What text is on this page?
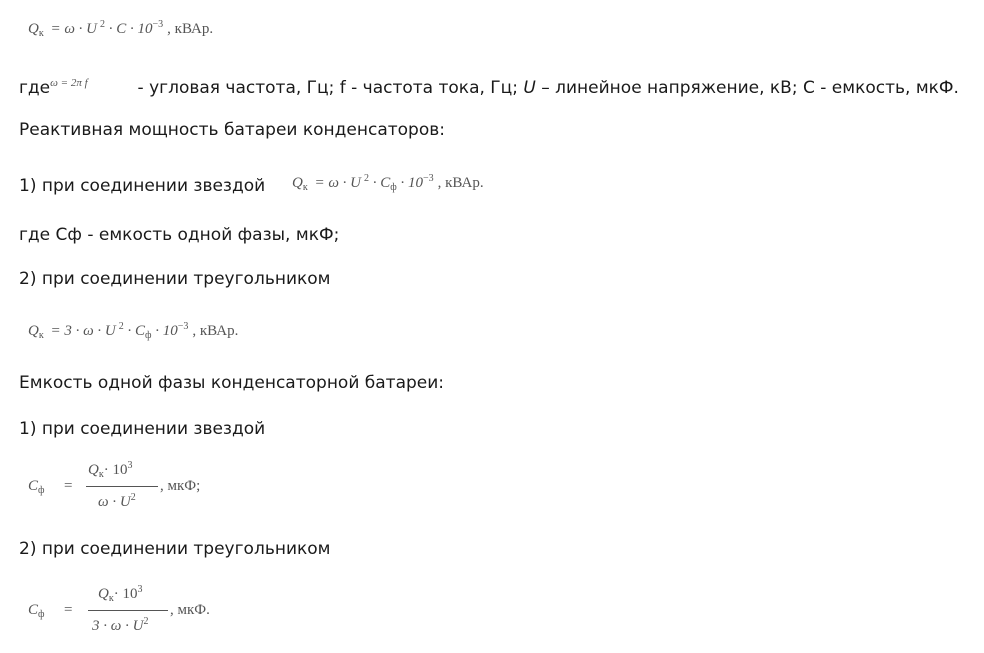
$Q_к = \omega \cdot U$ $^2 \cdot C \cdot 10^{-3}$ , кВАр.
гдеω = 2π f	- угловая частота, Гц; f - частота тока, Гц; U – линейное напряжение, кВ; C - емкость, мкФ.
Реактивная мощность батареи конденсаторов:
1) при соединении звездой $Q_к = \omega \cdot U$ $^2 \cdot C_ф \cdot 10^{-3}$ , кВАр.
где Cф - емкость одной фазы, мкФ;
2) при соединении треугольником
$Q_к = 3 \cdot \omega \cdot U$ $^2 \cdot C_ф \cdot 10^{-3}$ , кВАр.
Емкость одной фазы конденсаторной батареи:
1) при соединении звездой
$C_ф$ =
$Q_к\cdot 10^3$
$\omega \cdot U^2$
, мкФ;
2) при соединении треугольником
$C_ф$ =
$Q_к\cdot 10^3$
$3 \cdot \omega \cdot U^2$
, мкФ.
